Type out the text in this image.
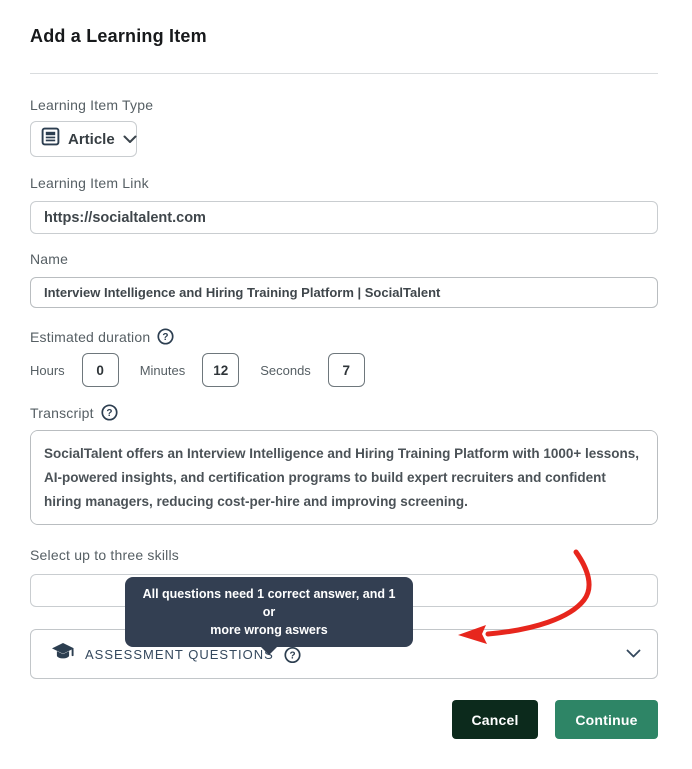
Add a Learning Item
Learning Item Type
Article
Learning Item Link
https://socialtalent.com
Name
Interview Intelligence and Hiring Training Platform | SocialTalent
Estimated duration ?
Hours
0	Minutes
12	Seconds
7
Transcript ?
SocialTalent offers an Interview Intelligence and Hiring Training Platform with 1000+ lessons, AI-powered insights, and certification programs to build expert recruiters and confident hiring managers, reducing cost-per-hire and improving screening.
Select up to three skills
All questions need 1 correct answer, and 1 or
more wrong aswers
ASSESSMENT QUESTIONS ?
Cancel	Continue
